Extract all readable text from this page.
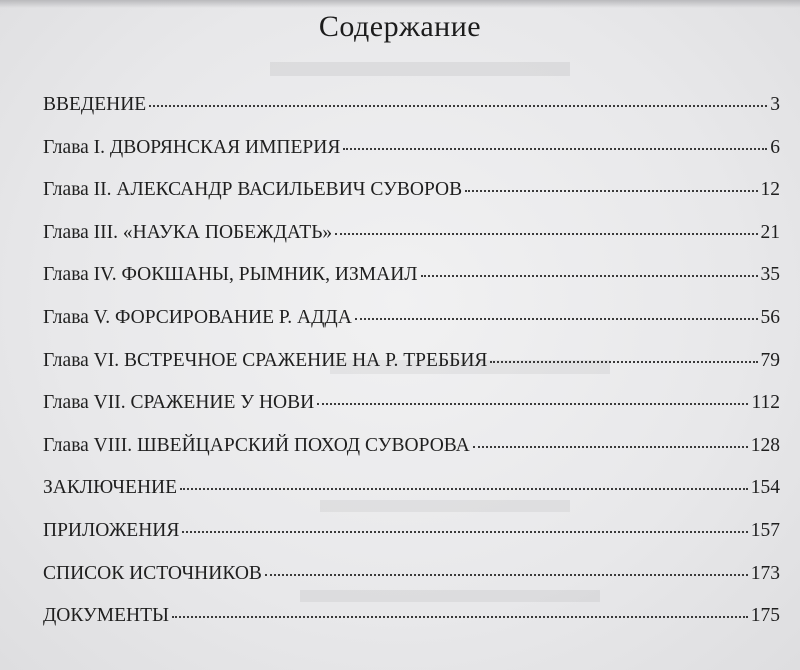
Содержание
ВВЕДЕНИЕ	3
Глава I. ДВОРЯНСКАЯ ИМПЕРИЯ	6
Глава II. АЛЕКСАНДР ВАСИЛЬЕВИЧ СУВОРОВ	12
Глава III. «НАУКА ПОБЕЖДАТЬ»	21
Глава IV. ФОКШАНЫ, РЫМНИК, ИЗМАИЛ	35
Глава V. ФОРСИРОВАНИЕ Р. АДДА	56
Глава VI. ВСТРЕЧНОЕ СРАЖЕНИЕ НА Р. ТРЕББИЯ	79
Глава VII. СРАЖЕНИЕ У НОВИ	112
Глава VIII. ШВЕЙЦАРСКИЙ ПОХОД СУВОРОВА	128
ЗАКЛЮЧЕНИЕ	154
ПРИЛОЖЕНИЯ	157
СПИСОК ИСТОЧНИКОВ	173
ДОКУМЕНТЫ	175
